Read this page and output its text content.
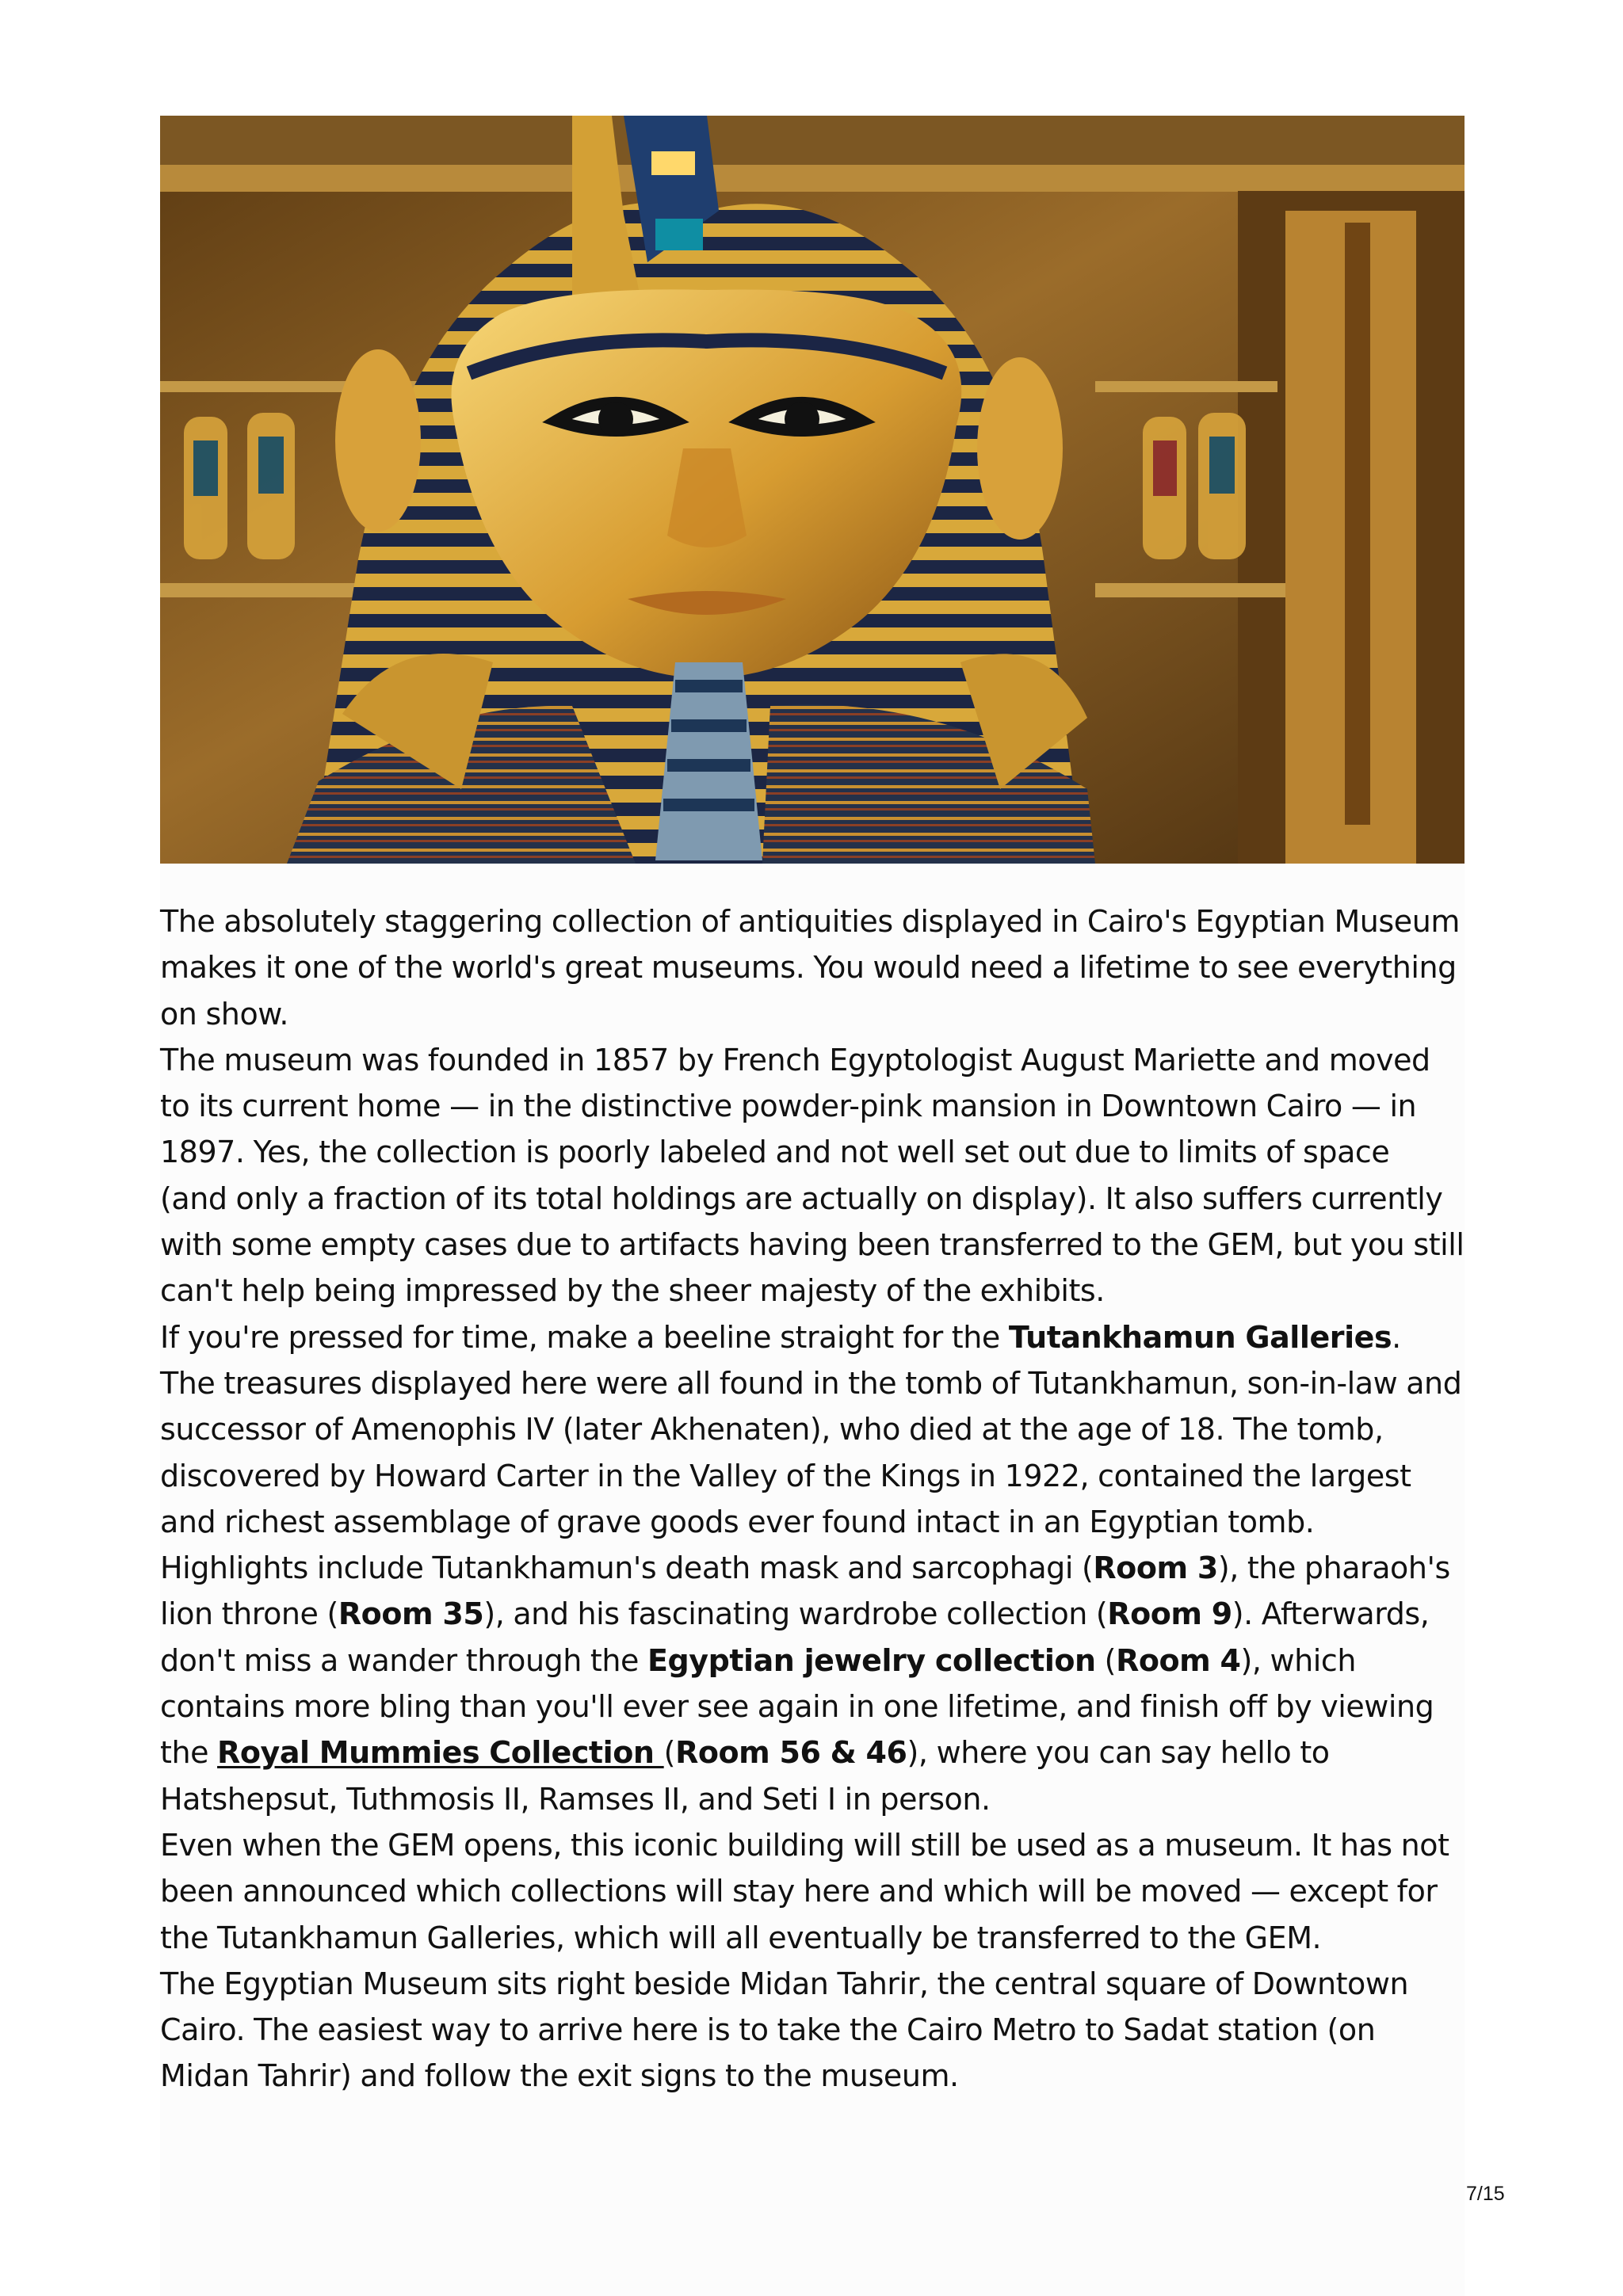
The absolutely staggering collection of antiquities displayed in Cairo's Egyptian Museum makes it one of the world's great museums. You would need a lifetime to see everything on show.

The museum was founded in 1857 by French Egyptologist August Mariette and moved to its current home — in the distinctive powder-pink mansion in Downtown Cairo — in 1897. Yes, the collection is poorly labeled and not well set out due to limits of space (and only a fraction of its total holdings are actually on display). It also suffers currently with some empty cases due to artifacts having been transferred to the GEM, but you still can't help being impressed by the sheer majesty of the exhibits.

If you're pressed for time, make a beeline straight for the Tutankhamun Galleries. The treasures displayed here were all found in the tomb of Tutankhamun, son-in-law and successor of Amenophis IV (later Akhenaten), who died at the age of 18. The tomb, discovered by Howard Carter in the Valley of the Kings in 1922, contained the largest and richest assemblage of grave goods ever found intact in an Egyptian tomb.

Highlights include Tutankhamun's death mask and sarcophagi (Room 3), the pharaoh's lion throne (Room 35), and his fascinating wardrobe collection (Room 9). Afterwards, don't miss a wander through the Egyptian jewelry collection (Room 4), which contains more bling than you'll ever see again in one lifetime, and finish off by viewing the Royal Mummies Collection (Room 56 & 46), where you can say hello to Hatshepsut, Tuthmosis II, Ramses II, and Seti I in person.

Even when the GEM opens, this iconic building will still be used as a museum. It has not been announced which collections will stay here and which will be moved — except for the Tutankhamun Galleries, which will all eventually be transferred to the GEM.

The Egyptian Museum sits right beside Midan Tahrir, the central square of Downtown Cairo. The easiest way to arrive here is to take the Cairo Metro to Sadat station (on Midan Tahrir) and follow the exit signs to the museum.

7/15
